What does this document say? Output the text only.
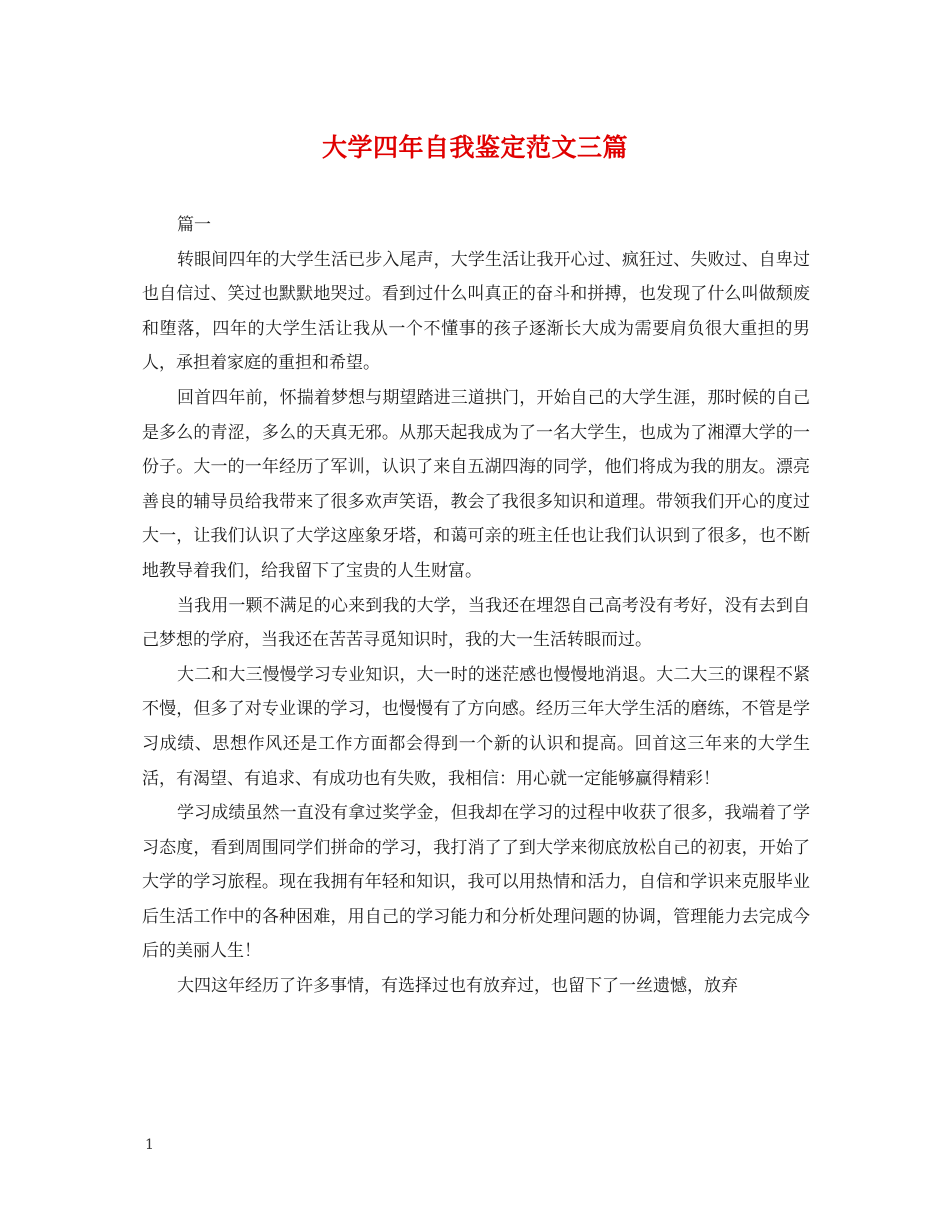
大学四年自我鉴定范文三篇

篇一

转眼间四年的大学生活已步入尾声，大学生活让我开心过、疯狂过、失败过、自卑过也自信过、笑过也默默地哭过。看到过什么叫真正的奋斗和拼搏，也发现了什么叫做颓废和堕落，四年的大学生活让我从一个不懂事的孩子逐渐长大成为需要肩负很大重担的男人，承担着家庭的重担和希望。

回首四年前，怀揣着梦想与期望踏进三道拱门，开始自己的大学生涯，那时候的自己是多么的青涩，多么的天真无邪。从那天起我成为了一名大学生，也成为了湘潭大学的一份子。大一的一年经历了军训，认识了来自五湖四海的同学，他们将成为我的朋友。漂亮善良的辅导员给我带来了很多欢声笑语，教会了我很多知识和道理。带领我们开心的度过大一，让我们认识了大学这座象牙塔，和蔼可亲的班主任也让我们认识到了很多，也不断地教导着我们，给我留下了宝贵的人生财富。

当我用一颗不满足的心来到我的大学，当我还在埋怨自己高考没有考好，没有去到自己梦想的学府，当我还在苦苦寻觅知识时，我的大一生活转眼而过。

大二和大三慢慢学习专业知识，大一时的迷茫感也慢慢地消退。大二大三的课程不紧不慢，但多了对专业课的学习，也慢慢有了方向感。经历三年大学生活的磨练，不管是学习成绩、思想作风还是工作方面都会得到一个新的认识和提高。回首这三年来的大学生活，有渴望、有追求、有成功也有失败，我相信：用心就一定能够赢得精彩！

学习成绩虽然一直没有拿过奖学金，但我却在学习的过程中收获了很多，我端着了学习态度，看到周围同学们拼命的学习，我打消了了到大学来彻底放松自己的初衷，开始了大学的学习旅程。现在我拥有年轻和知识，我可以用热情和活力，自信和学识来克服毕业后生活工作中的各种困难，用自己的学习能力和分析处理问题的协调，管理能力去完成今后的美丽人生！

大四这年经历了许多事情，有选择过也有放弃过，也留下了一丝遗憾，放弃

1
